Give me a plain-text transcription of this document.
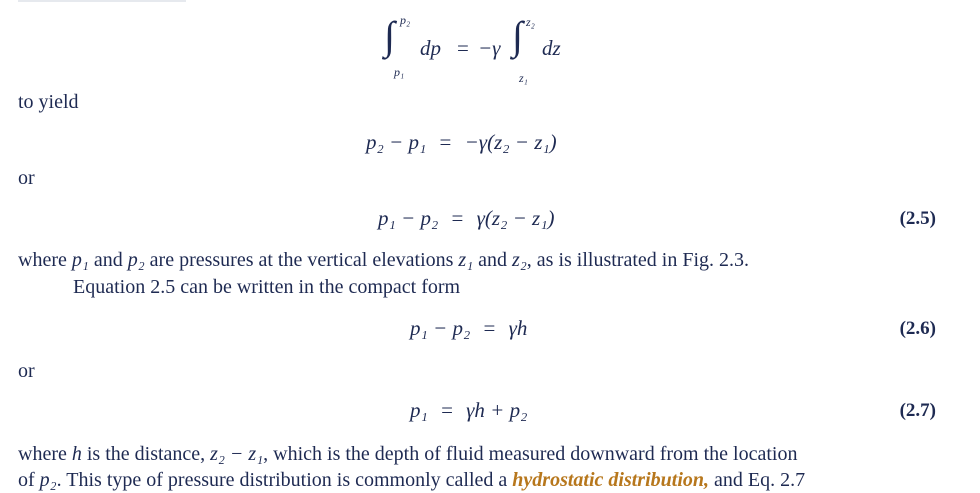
∫ p₂
p₁
dp = −γ ∫ z₂
z₁
dz
to yield
p₂ − p₁ = −γ(z₂ − z₁)
or
p₁ − p₂ = γ(z₂ − z₁)	(2.5)
where p₁ and p₂ are pressures at the vertical elevations z₁ and z₂, as is illustrated in Fig. 2.3.
Equation 2.5 can be written in the compact form
p₁ − p₂ = γh	(2.6)
or
p₁ = γh + p₂	(2.7)
where h is the distance, z₂ − z₁, which is the depth of fluid measured downward from the location
of p₂. This type of pressure distribution is commonly called a hydrostatic distribution, and Eq. 2.7
